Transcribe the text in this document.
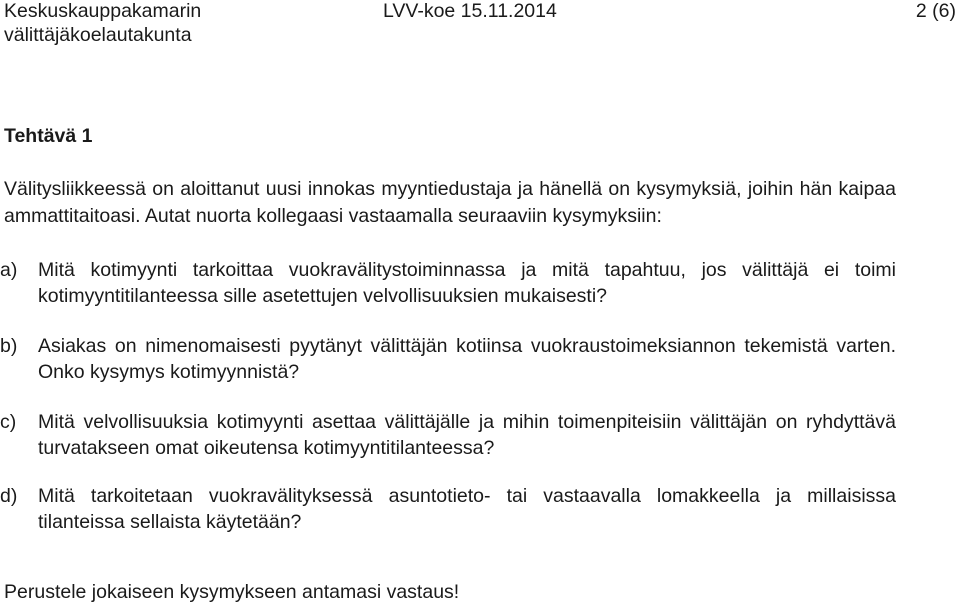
Keskuskauppakamarin
välittäjäkoelautakunta
LVV-koe 15.11.2014	2 (6)
Tehtävä 1
Välitysliikkeessä on aloittanut uusi innokas myyntiedustaja ja hänellä on kysymyksiä, joihin hän kaipaa ammattitaitoasi. Autat nuorta kollegaasi vastaamalla seuraaviin kysymyksiin:
a) Mitä kotimyynti tarkoittaa vuokravälitystoiminnassa ja mitä tapahtuu, jos välittäjä ei toimi kotimyyntitilanteessa sille asetettujen velvollisuuksien mukaisesti?
b) Asiakas on nimenomaisesti pyytänyt välittäjän kotiinsa vuokraustoimeksiannon tekemistä varten. Onko kysymys kotimyynnistä?
c) Mitä velvollisuuksia kotimyynti asettaa välittäjälle ja mihin toimenpiteisiin välittäjän on ryhdyttävä turvatakseen omat oikeutensa kotimyyntitilanteessa?
d) Mitä tarkoitetaan vuokravälityksessä asuntotieto- tai vastaavalla lomakkeella ja millaisissa tilanteissa sellaista käytetään?
Perustele jokaiseen kysymykseen antamasi vastaus!
